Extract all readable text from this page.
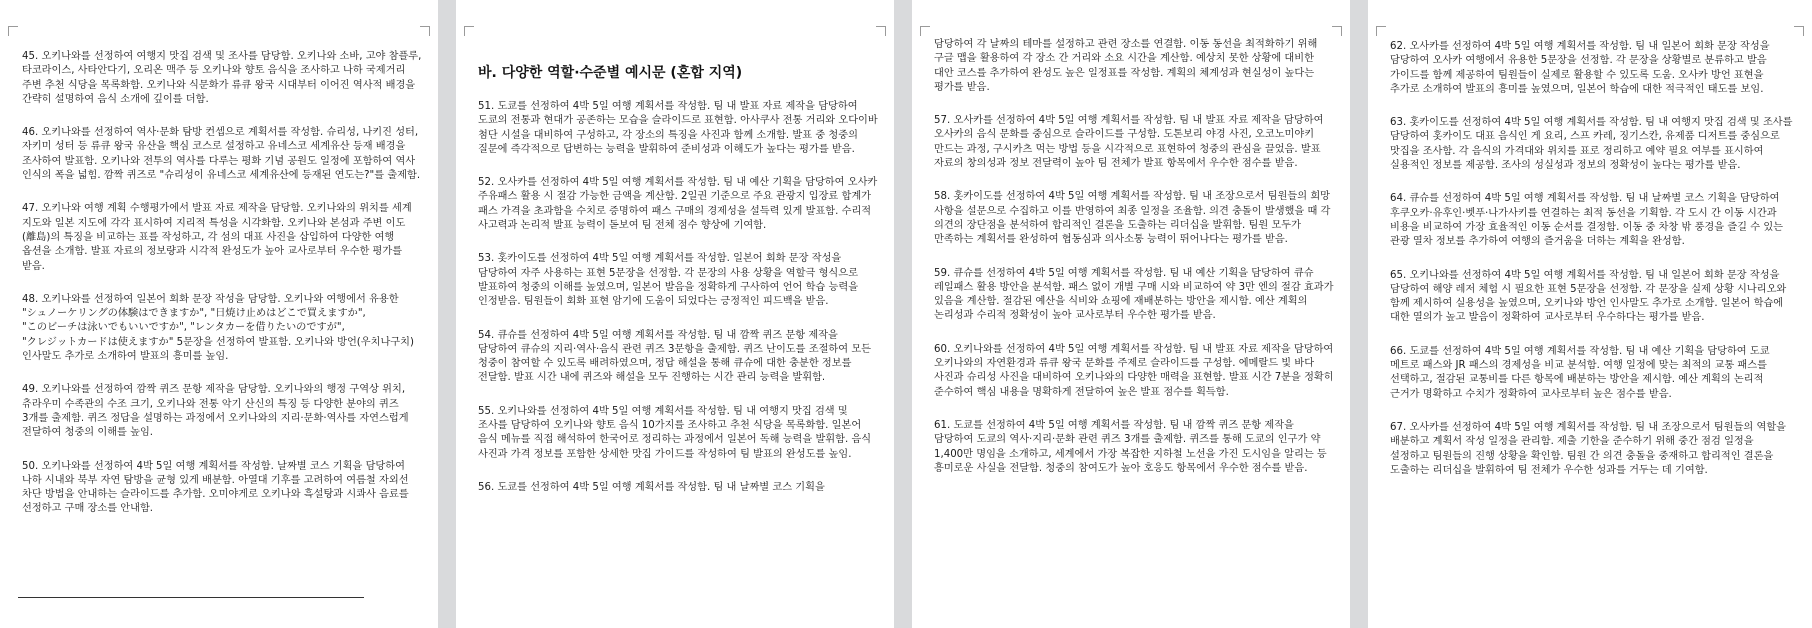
45. 오키나와를 선정하여 여행지 맛집 검색 및 조사를 담당함. 오키나와 소바, 고야 참플루, 타코라이스, 사타안다기, 오리온 맥주 등 오키나와 향토 음식을 조사하고 나하 국제거리 주변 추천 식당을 목록화함. 오키나와 식문화가 류큐 왕국 시대부터 이어진 역사적 배경을 간략히 설명하여 음식 소개에 깊이를 더함.

46. 오키나와를 선정하여 역사·문화 탐방 컨셉으로 계획서를 작성함. 슈리성, 나키진 성터, 자키미 성터 등 류큐 왕국 유산을 핵심 코스로 설정하고 유네스코 세계유산 등재 배경을 조사하여 발표함. 오키나와 전투의 역사를 다루는 평화 기념 공원도 일정에 포함하여 역사 인식의 폭을 넓힘. 깜짝 퀴즈로 "슈리성이 유네스코 세계유산에 등재된 연도는?"를 출제함.

47. 오키나와 여행 계획 수행평가에서 발표 자료 제작을 담당함. 오키나와의 위치를 세계 지도와 일본 지도에 각각 표시하여 지리적 특성을 시각화함. 오키나와 본섬과 주변 이도(離島)의 특징을 비교하는 표를 작성하고, 각 섬의 대표 사진을 삽입하여 다양한 여행 옵션을 소개함. 발표 자료의 정보량과 시각적 완성도가 높아 교사로부터 우수한 평가를 받음.

48. 오키나와를 선정하여 일본어 회화 문장 작성을 담당함. 오키나와 여행에서 유용한 "シュノーケリングの体験はできますか", "日焼け止めはどこで買えますか", "このビーチは泳いでもいいですか", "レンタカーを借りたいのですが", "クレジットカードは使えますか" 5문장을 선정하여 발표함. 오키나와 방언(우치나구치) 인사말도 추가로 소개하여 발표의 흥미를 높임.

49. 오키나와를 선정하여 깜짝 퀴즈 문항 제작을 담당함. 오키나와의 행정 구역상 위치, 츄라우미 수족관의 수조 크기, 오키나와 전통 악기 산신의 특징 등 다양한 분야의 퀴즈 3개를 출제함. 퀴즈 정답을 설명하는 과정에서 오키나와의 지리·문화·역사를 자연스럽게 전달하여 청중의 이해를 높임.

50. 오키나와를 선정하여 4박 5일 여행 계획서를 작성함. 날짜별 코스 기획을 담당하여 나하 시내와 북부 자연 탐방을 균형 있게 배분함. 아열대 기후를 고려하여 여름철 자외선 차단 방법을 안내하는 슬라이드를 추가함. 오미야게로 오키나와 흑설탕과 시콰사 음료를 선정하고 구매 장소를 안내함.

바. 다양한 역할·수준별 예시문 (혼합 지역)

51. 도쿄를 선정하여 4박 5일 여행 계획서를 작성함. 팀 내 발표 자료 제작을 담당하여 도쿄의 전통과 현대가 공존하는 모습을 슬라이드로 표현함. 아사쿠사 전통 거리와 오다이바 첨단 시설을 대비하여 구성하고, 각 장소의 특징을 사진과 함께 소개함. 발표 중 청중의 질문에 즉각적으로 답변하는 능력을 발휘하여 준비성과 이해도가 높다는 평가를 받음.

52. 오사카를 선정하여 4박 5일 여행 계획서를 작성함. 팀 내 예산 기획을 담당하여 오사카 주유패스 활용 시 절감 가능한 금액을 계산함. 2일권 기준으로 주요 관광지 입장료 합계가 패스 가격을 초과함을 수치로 증명하여 패스 구매의 경제성을 설득력 있게 발표함. 수리적 사고력과 논리적 발표 능력이 돋보여 팀 전체 점수 향상에 기여함.

53. 홋카이도를 선정하여 4박 5일 여행 계획서를 작성함. 일본어 회화 문장 작성을 담당하여 자주 사용하는 표현 5문장을 선정함. 각 문장의 사용 상황을 역할극 형식으로 발표하여 청중의 이해를 높였으며, 일본어 발음을 정확하게 구사하여 언어 학습 능력을 인정받음. 팀원들이 회화 표현 암기에 도움이 되었다는 긍정적인 피드백을 받음.

54. 큐슈를 선정하여 4박 5일 여행 계획서를 작성함. 팀 내 깜짝 퀴즈 문항 제작을 담당하여 큐슈의 지리·역사·음식 관련 퀴즈 3문항을 출제함. 퀴즈 난이도를 조절하여 모든 청중이 참여할 수 있도록 배려하였으며, 정답 해설을 통해 큐슈에 대한 충분한 정보를 전달함. 발표 시간 내에 퀴즈와 해설을 모두 진행하는 시간 관리 능력을 발휘함.

55. 오키나와를 선정하여 4박 5일 여행 계획서를 작성함. 팀 내 여행지 맛집 검색 및 조사를 담당하여 오키나와 향토 음식 10가지를 조사하고 추천 식당을 목록화함. 일본어 음식 메뉴를 직접 해석하여 한국어로 정리하는 과정에서 일본어 독해 능력을 발휘함. 음식 사진과 가격 정보를 포함한 상세한 맛집 가이드를 작성하여 팀 발표의 완성도를 높임.

56. 도쿄를 선정하여 4박 5일 여행 계획서를 작성함. 팀 내 날짜별 코스 기획을

담당하여 각 날짜의 테마를 설정하고 관련 장소를 연결함. 이동 동선을 최적화하기 위해 구글 맵을 활용하여 각 장소 간 거리와 소요 시간을 계산함. 예상치 못한 상황에 대비한 대안 코스를 추가하여 완성도 높은 일정표를 작성함. 계획의 체계성과 현실성이 높다는 평가를 받음.

57. 오사카를 선정하여 4박 5일 여행 계획서를 작성함. 팀 내 발표 자료 제작을 담당하여 오사카의 음식 문화를 중심으로 슬라이드를 구성함. 도톤보리 야경 사진, 오코노미야키 만드는 과정, 구시카츠 먹는 방법 등을 시각적으로 표현하여 청중의 관심을 끌었음. 발표 자료의 창의성과 정보 전달력이 높아 팀 전체가 발표 항목에서 우수한 점수를 받음.

58. 홋카이도를 선정하여 4박 5일 여행 계획서를 작성함. 팀 내 조장으로서 팀원들의 희망 사항을 설문으로 수집하고 이를 반영하여 최종 일정을 조율함. 의견 충돌이 발생했을 때 각 의견의 장단점을 분석하여 합리적인 결론을 도출하는 리더십을 발휘함. 팀원 모두가 만족하는 계획서를 완성하여 협동심과 의사소통 능력이 뛰어나다는 평가를 받음.

59. 큐슈를 선정하여 4박 5일 여행 계획서를 작성함. 팀 내 예산 기획을 담당하여 큐슈 레일패스 활용 방안을 분석함. 패스 없이 개별 구매 시와 비교하여 약 3만 엔의 절감 효과가 있음을 계산함. 절감된 예산을 식비와 쇼핑에 재배분하는 방안을 제시함. 예산 계획의 논리성과 수리적 정확성이 높아 교사로부터 우수한 평가를 받음.

60. 오키나와를 선정하여 4박 5일 여행 계획서를 작성함. 팀 내 발표 자료 제작을 담당하여 오키나와의 자연환경과 류큐 왕국 문화를 주제로 슬라이드를 구성함. 에메랄드 빛 바다 사진과 슈리성 사진을 대비하여 오키나와의 다양한 매력을 표현함. 발표 시간 7분을 정확히 준수하여 핵심 내용을 명확하게 전달하여 높은 발표 점수를 획득함.

61. 도쿄를 선정하여 4박 5일 여행 계획서를 작성함. 팀 내 깜짝 퀴즈 문항 제작을 담당하여 도쿄의 역사·지리·문화 관련 퀴즈 3개를 출제함. 퀴즈를 통해 도쿄의 인구가 약 1,400만 명임을 소개하고, 세계에서 가장 복잡한 지하철 노선을 가진 도시임을 알리는 등 흥미로운 사실을 전달함. 청중의 참여도가 높아 호응도 항목에서 우수한 점수를 받음.

62. 오사카를 선정하여 4박 5일 여행 계획서를 작성함. 팀 내 일본어 회화 문장 작성을 담당하여 오사카 여행에서 유용한 5문장을 선정함. 각 문장을 상황별로 분류하고 발음 가이드를 함께 제공하여 팀원들이 실제로 활용할 수 있도록 도움. 오사카 방언 표현을 추가로 소개하여 발표의 흥미를 높였으며, 일본어 학습에 대한 적극적인 태도를 보임.

63. 홋카이도를 선정하여 4박 5일 여행 계획서를 작성함. 팀 내 여행지 맛집 검색 및 조사를 담당하여 홋카이도 대표 음식인 게 요리, 스프 카레, 징기스칸, 유제품 디저트를 중심으로 맛집을 조사함. 각 음식의 가격대와 위치를 표로 정리하고 예약 필요 여부를 표시하여 실용적인 정보를 제공함. 조사의 성실성과 정보의 정확성이 높다는 평가를 받음.

64. 큐슈를 선정하여 4박 5일 여행 계획서를 작성함. 팀 내 날짜별 코스 기획을 담당하여 후쿠오카·유후인·벳푸·나가사키를 연결하는 최적 동선을 기획함. 각 도시 간 이동 시간과 비용을 비교하여 가장 효율적인 이동 순서를 결정함. 이동 중 차창 밖 풍경을 즐길 수 있는 관광 열차 정보를 추가하여 여행의 즐거움을 더하는 계획을 완성함.

65. 오키나와를 선정하여 4박 5일 여행 계획서를 작성함. 팀 내 일본어 회화 문장 작성을 담당하여 해양 레저 체험 시 필요한 표현 5문장을 선정함. 각 문장을 실제 상황 시나리오와 함께 제시하여 실용성을 높였으며, 오키나와 방언 인사말도 추가로 소개함. 일본어 학습에 대한 열의가 높고 발음이 정확하여 교사로부터 우수하다는 평가를 받음.

66. 도쿄를 선정하여 4박 5일 여행 계획서를 작성함. 팀 내 예산 기획을 담당하여 도쿄 메트로 패스와 JR 패스의 경제성을 비교 분석함. 여행 일정에 맞는 최적의 교통 패스를 선택하고, 절감된 교통비를 다른 항목에 배분하는 방안을 제시함. 예산 계획의 논리적 근거가 명확하고 수치가 정확하여 교사로부터 높은 점수를 받음.

67. 오사카를 선정하여 4박 5일 여행 계획서를 작성함. 팀 내 조장으로서 팀원들의 역할을 배분하고 계획서 작성 일정을 관리함. 제출 기한을 준수하기 위해 중간 점검 일정을 설정하고 팀원들의 진행 상황을 확인함. 팀원 간 의견 충돌을 중재하고 합리적인 결론을 도출하는 리더십을 발휘하여 팀 전체가 우수한 성과를 거두는 데 기여함.
